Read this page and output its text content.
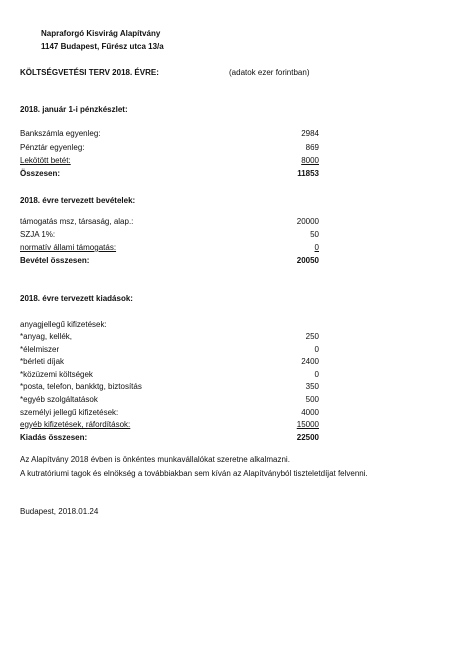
Napraforgó Kisvirág Alapítvány
1147 Budapest, Fűrész utca 13/a
KÖLTSÉGVETÉSI TERV 2018. ÉVRE:	(adatok ezer forintban)
2018. január 1-i pénzkészlet:
Bankszámla egyenleg:	2984
Pénztár egyenleg:	869
Lekötött betét:	8000
Összesen:	11853
2018. évre tervezett bevételek:
támogatás msz, társaság, alap.:	20000
SZJA 1%:	50
normatív állami támogatás:	0
Bevétel összesen:	20050
2018. évre tervezett kiadások:
anyagjellegű kifizetések:
*anyag, kellék,	250
*élelmiszer	0
*bérleti díjak	2400
*közüzemi költségek	0
*posta, telefon, bankktg, biztosítás	350
*egyéb szolgáltatások	500
személyi jellegű kifizetések:	4000
egyéb kifizetések, ráfordítások:	15000
Kiadás összesen:	22500
Az Alapítvány 2018 évben is önkéntes munkavállalókat szeretne alkalmazni.
A kutratóriumi tagok és elnökség a továbbiakban sem kíván az Alapítványból tiszteletdíjat felvenni.
Budapest, 2018.01.24
